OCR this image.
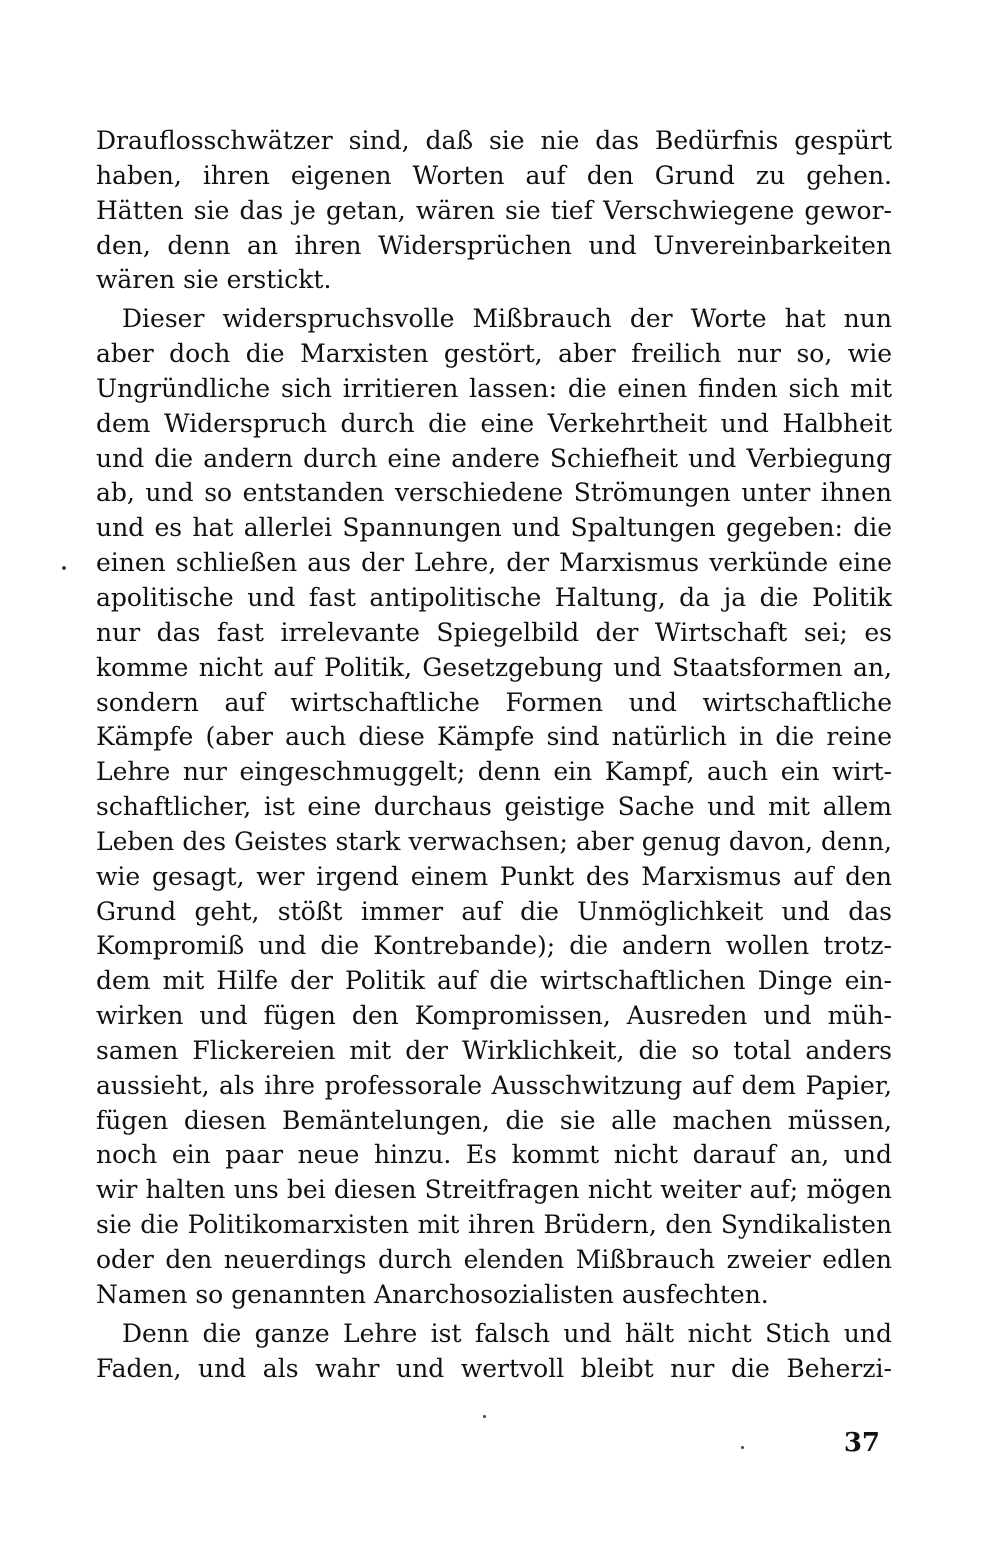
Drauflosschwätzer sind, daß sie nie das Bedürfnis gespürt
haben, ihren eigenen Worten auf den Grund zu gehen.
Hätten sie das je getan, wären sie tief Verschwiegene gewor-
den, denn an ihren Widersprüchen und Unvereinbarkeiten
wären sie erstickt.
Dieser widerspruchsvolle Mißbrauch der Worte hat nun
aber doch die Marxisten gestört, aber freilich nur so, wie
Ungründliche sich irritieren lassen: die einen finden sich mit
dem Widerspruch durch die eine Verkehrtheit und Halbheit
und die andern durch eine andere Schiefheit und Verbiegung
ab, und so entstanden verschiedene Strömungen unter ihnen
und es hat allerlei Spannungen und Spaltungen gegeben: die
einen schließen aus der Lehre, der Marxismus verkünde eine
apolitische und fast antipolitische Haltung, da ja die Politik
nur das fast irrelevante Spiegelbild der Wirtschaft sei; es
komme nicht auf Politik, Gesetzgebung und Staatsformen an,
sondern auf wirtschaftliche Formen und wirtschaftliche
Kämpfe (aber auch diese Kämpfe sind natürlich in die reine
Lehre nur eingeschmuggelt; denn ein Kampf, auch ein wirt-
schaftlicher, ist eine durchaus geistige Sache und mit allem
Leben des Geistes stark verwachsen; aber genug davon, denn,
wie gesagt, wer irgend einem Punkt des Marxismus auf den
Grund geht, stößt immer auf die Unmöglichkeit und das
Kompromiß und die Kontrebande); die andern wollen trotz-
dem mit Hilfe der Politik auf die wirtschaftlichen Dinge ein-
wirken und fügen den Kompromissen, Ausreden und müh-
samen Flickereien mit der Wirklichkeit, die so total anders
aussieht, als ihre professorale Ausschwitzung auf dem Papier,
fügen diesen Bemäntelungen, die sie alle machen müssen,
noch ein paar neue hinzu. Es kommt nicht darauf an, und
wir halten uns bei diesen Streitfragen nicht weiter auf; mögen
sie die Politikomarxisten mit ihren Brüdern, den Syndikalisten
oder den neuerdings durch elenden Mißbrauch zweier edlen
Namen so genannten Anarchosozialisten ausfechten.
Denn die ganze Lehre ist falsch und hält nicht Stich und
Faden, und als wahr und wertvoll bleibt nur die Beherzi-
37
